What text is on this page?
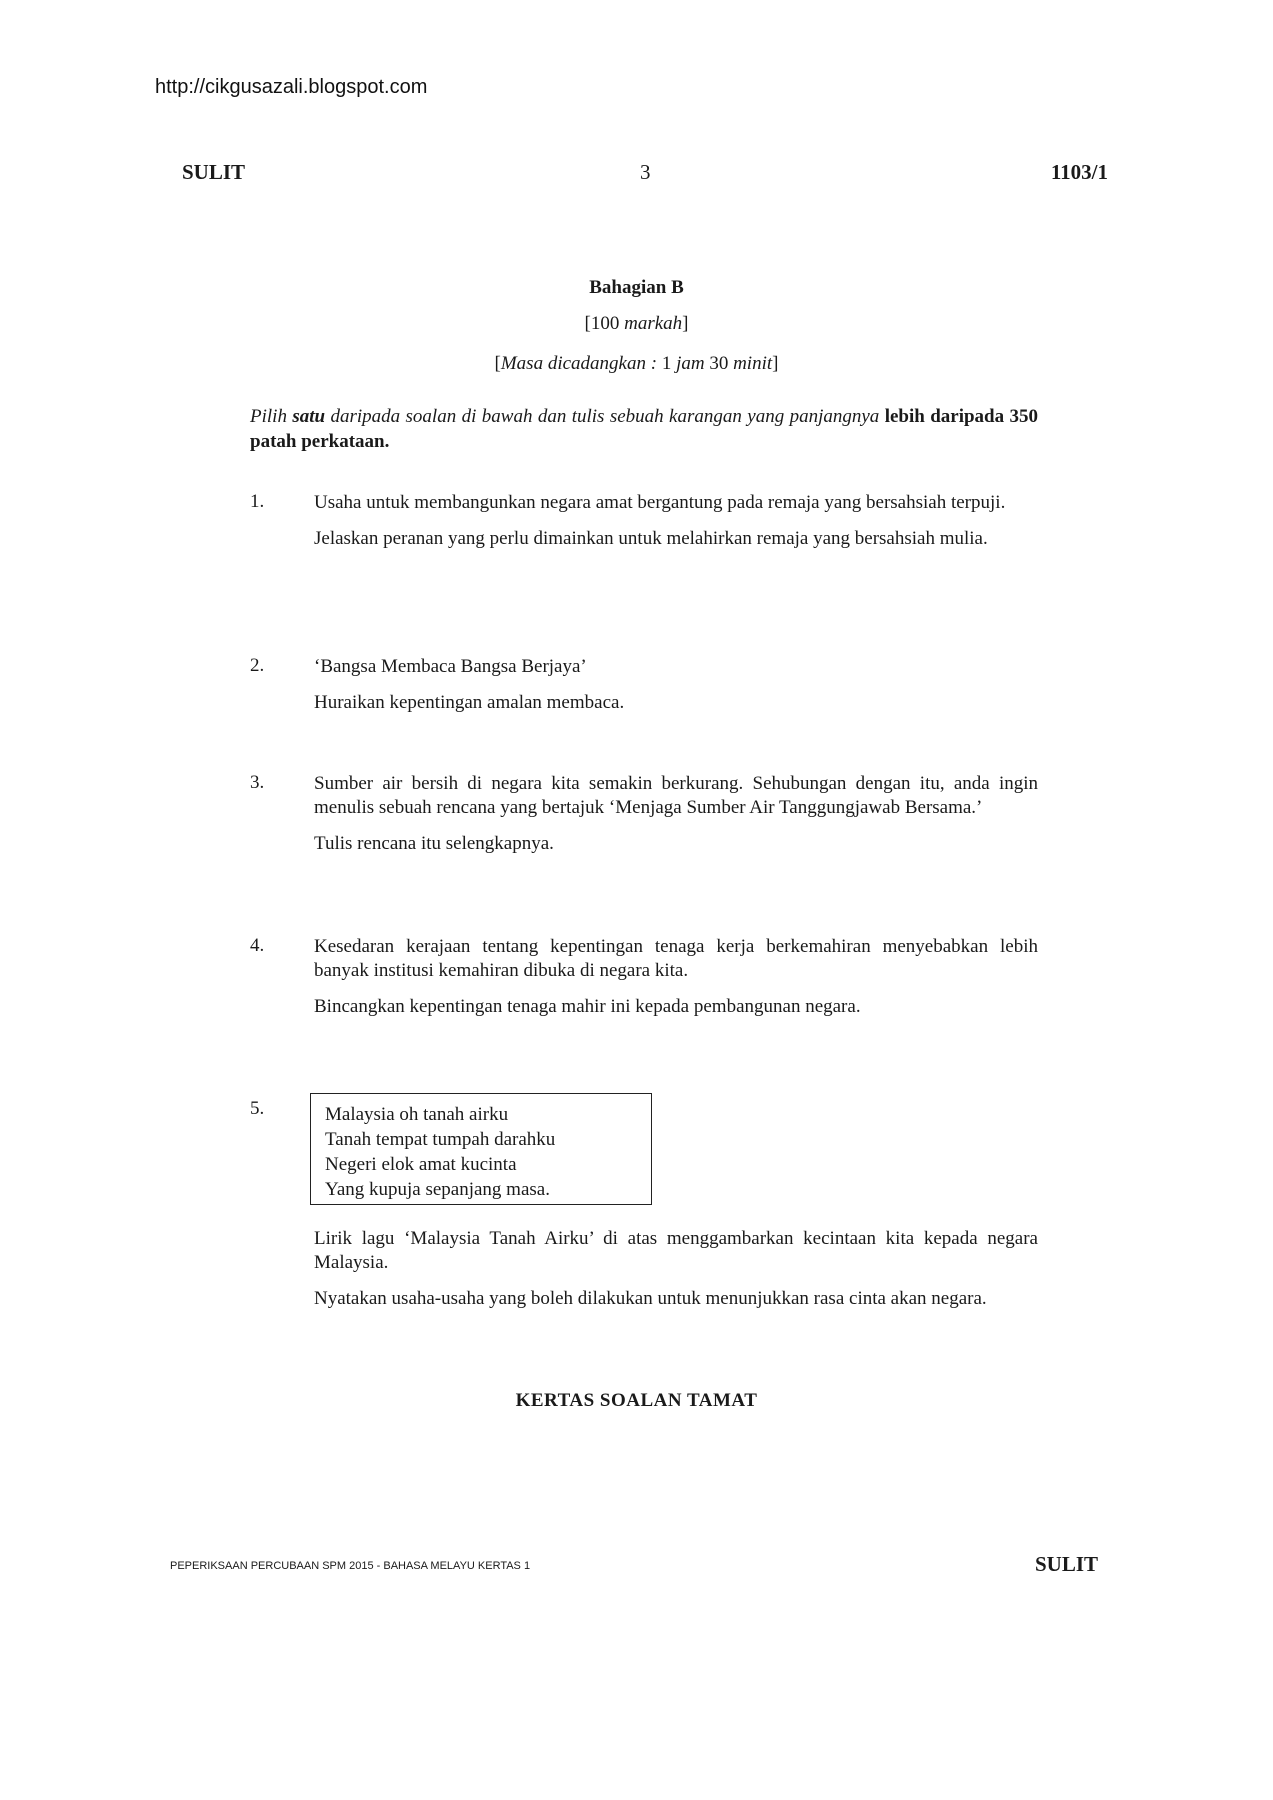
http://cikgusazali.blogspot.com
SULIT	3	1103/1
Bahagian B
[100 markah]
[Masa dicadangkan : 1 jam 30 minit]
Pilih satu daripada soalan di bawah dan tulis sebuah karangan yang panjangnya lebih daripada 350 patah perkataan.
1.	Usaha untuk membangunkan negara amat bergantung pada remaja yang bersahsiah terpuji.

Jelaskan peranan yang perlu dimainkan untuk melahirkan remaja yang bersahsiah mulia.

2.	‘Bangsa Membaca Bangsa Berjaya’

Huraikan kepentingan amalan membaca.

3.	Sumber air bersih di negara kita semakin berkurang. Sehubungan dengan itu, anda ingin menulis sebuah rencana yang bertajuk ‘Menjaga Sumber Air Tanggungjawab Bersama.’

Tulis rencana itu selengkapnya.

4.	Kesedaran kerajaan tentang kepentingan tenaga kerja berkemahiran menyebabkan lebih banyak institusi kemahiran dibuka di negara kita.

Bincangkan kepentingan tenaga mahir ini kepada pembangunan negara.

5.	Malaysia oh tanah airku
Tanah tempat tumpah darahku
Negeri elok amat kucinta
Yang kupuja sepanjang masa.

Lirik lagu ‘Malaysia Tanah Airku’ di atas menggambarkan kecintaan kita kepada negara Malaysia.

Nyatakan usaha-usaha yang boleh dilakukan untuk menunjukkan rasa cinta akan negara.

KERTAS SOALAN TAMAT
PEPERIKSAAN PERCUBAAN SPM 2015 - BAHASA MELAYU KERTAS 1	SULIT
